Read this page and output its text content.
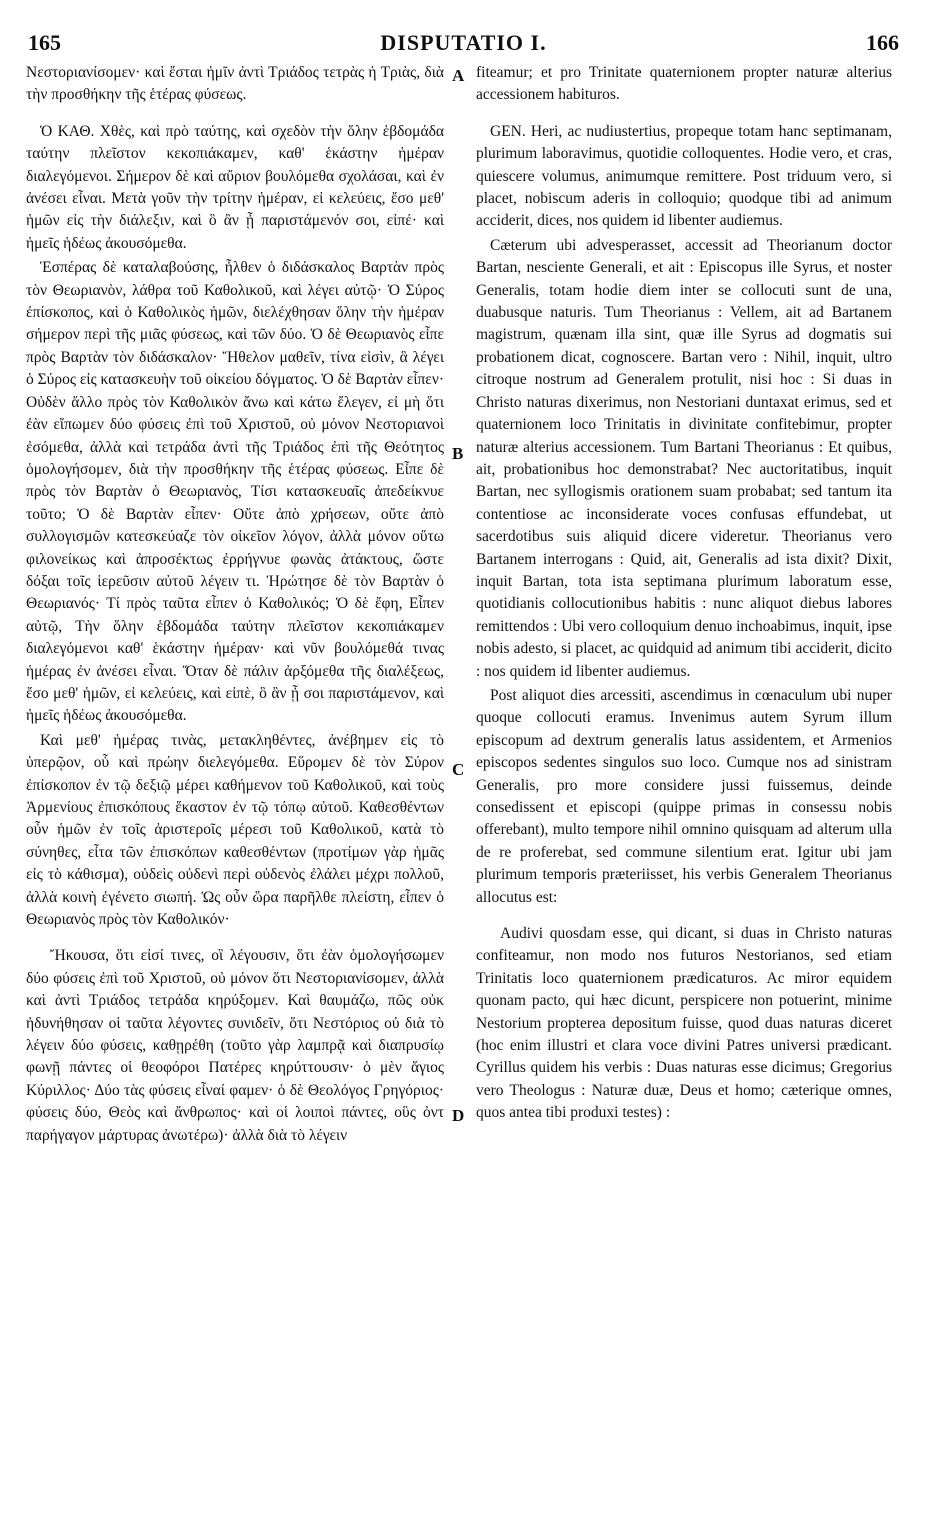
165	DISPUTATIO I.	166

Νεστοριανίσομεν· καὶ ἔσται ἡμῖν ἀντὶ Τριάδος τετρὰς ἡ Τριὰς, διὰ τὴν προσθήκην τῆς ἑτέρας φύσεως.

Ὁ ΚΑΘ. Χθὲς, καὶ πρὸ ταύτης, καὶ σχεδὸν τὴν ὅλην ἑβδομάδα ταύτην πλεῖστον κεκοπιάκαμεν, καθ' ἑκάστην ἡμέραν διαλεγόμενοι. Σήμερον δὲ καὶ αὔριον βουλόμεθα σχολάσαι, καὶ ἐν ἀνέσει εἶναι. Μετὰ γοῦν τὴν τρίτην ἡμέραν, εἰ κελεύεις, ἔσο μεθ' ἡμῶν εἰς τὴν διάλεξιν, καὶ ὃ ἂν ᾖ παριστάμενόν σοι, εἰπέ· καὶ ἡμεῖς ἡδέως ἀκουσόμεθα.

Ἑσπέρας δὲ καταλαβούσης, ἦλθεν ὁ διδάσκαλος Βαρτὰν πρὸς τὸν Θεωριανὸν, λάθρα τοῦ Καθολικοῦ, καὶ λέγει αὐτῷ· Ὁ Σύρος ἐπίσκοπος, καὶ ὁ Καθολικὸς ἡμῶν, διελέχθησαν ὅλην τὴν ἡμέραν σήμερον περὶ τῆς μιᾶς φύσεως, καὶ τῶν δύο. Ὁ δὲ Θεωριανὸς εἶπε πρὸς Βαρτὰν τὸν διδάσκαλον· Ἤθελον μαθεῖν, τίνα εἰσὶν, ἃ λέγει ὁ Σύρος εἰς κατασκευὴν τοῦ οἰκείου δόγματος. Ὁ δὲ Βαρτὰν εἶπεν· Οὐδὲν ἄλλο πρὸς τὸν Καθολικὸν ἄνω καὶ κάτω ἔλεγεν, εἰ μὴ ὅτι ἐὰν εἴπωμεν δύο φύσεις ἐπὶ τοῦ Χριστοῦ, οὐ μόνον Νεστοριανοὶ ἐσόμεθα, ἀλλὰ καὶ τετράδα ἀντὶ τῆς Τριάδος ἐπὶ τῆς Θεότητος ὁμολογήσομεν, διὰ τὴν προσθήκην τῆς ἑτέρας φύσεως. Εἶπε δὲ πρὸς τὸν Βαρτὰν ὁ Θεωριανὸς, Τίσι κατασκευαῖς ἀπεδείκνυε τοῦτο; Ὁ δὲ Βαρτὰν εἶπεν· Οὔτε ἀπὸ χρήσεων, οὔτε ἀπὸ συλλογισμῶν κατεσκεύαζε τὸν οἰκεῖον λόγον, ἀλλὰ μόνον οὕτω φιλονείκως καὶ ἀπροσέκτως ἐρρήγνυε φωνὰς ἀτάκτους, ὥστε δόξαι τοῖς ἱερεῦσιν αὐτοῦ λέγειν τι. Ἠρώτησε δὲ τὸν Βαρτὰν ὁ Θεωριανός· Τί πρὸς ταῦτα εἶπεν ὁ Καθολικός; Ὁ δὲ ἔφη, Εἶπεν αὐτῷ, Τὴν ὅλην ἑβδομάδα ταύτην πλεῖστον κεκοπιάκαμεν διαλεγόμενοι καθ' ἑκάστην ἡμέραν· καὶ νῦν βουλόμεθά τινας ἡμέρας ἐν ἀνέσει εἶναι. Ὅταν δὲ πάλιν ἀρξόμεθα τῆς διαλέξεως, ἔσο μεθ' ἡμῶν, εἰ κελεύεις, καὶ εἰπὲ, ὃ ἂν ᾖ σοι παριστάμενον, καὶ ἡμεῖς ἡδέως ἀκουσόμεθα.

Καὶ μεθ' ἡμέρας τινὰς, μετακληθέντες, ἀνέβημεν εἰς τὸ ὑπερῷον, οὗ καὶ πρώην διελεγόμεθα. Εὕρομεν δὲ τὸν Σύρον ἐπίσκοπον ἐν τῷ δεξιῷ μέρει καθήμενον τοῦ Καθολικοῦ, καὶ τοὺς Ἀρμενίους ἐπισκόπους ἕκαστον ἐν τῷ τόπῳ αὐτοῦ. Καθεσθέντων οὖν ἡμῶν ἐν τοῖς ἀριστεροῖς μέρεσι τοῦ Καθολικοῦ, κατὰ τὸ σύνηθες, εἶτα τῶν ἐπισκόπων καθεσθέντων (προτίμων γὰρ ἡμᾶς εἰς τὸ κάθισμα), οὐδεὶς οὐδενὶ περὶ οὐδενὸς ἐλάλει μέχρι πολλοῦ, ἀλλὰ κοινὴ ἐγένετο σιωπή. Ὡς οὖν ὥρα παρῆλθε πλείστη, εἶπεν ὁ Θεωριανὸς πρὸς τὸν Καθολικόν·

Ἤκουσα, ὅτι εἰσί τινες, οἳ λέγουσιν, ὅτι ἐὰν ὁμολογήσωμεν δύο φύσεις ἐπὶ τοῦ Χριστοῦ, οὐ μόνον ὅτι Νεστοριανίσομεν, ἀλλὰ καὶ ἀντὶ Τριάδος τετράδα κηρύξομεν. Καὶ θαυμάζω, πῶς οὐκ ἠδυνήθησαν οἱ ταῦτα λέγοντες συνιδεῖν, ὅτι Νεστόριος οὐ διὰ τὸ λέγειν δύο φύσεις, καθῃρέθη (τοῦτο γὰρ λαμπρᾷ καὶ διαπρυσίῳ φωνῇ πάντες οἱ θεοφόροι Πατέρες κηρύττουσιν· ὁ μὲν ἅγιος Κύριλλος· Δύο τὰς φύσεις εἶναί φαμεν· ὁ δὲ Θεολόγος Γρηγόριος· φύσεις δύο, Θεὸς καὶ ἄνθρωπος· καὶ οἱ λοιποὶ πάντες, οὓς ὀντ παρήγαγον μάρτυρας ἀνωτέρω)· ἀλλὰ διὰ τὸ λέγειν

A
B
C
D

fiteamur; et pro Trinitate quaternionem propter naturæ alterius accessionem habituros.

GEN. Heri, ac nudiustertius, propeque totam hanc septimanam, plurimum laboravimus, quotidie colloquentes. Hodie vero, et cras, quiescere volumus, animumque remittere. Post triduum vero, si placet, nobiscum aderis in colloquio; quodque tibi ad animum acciderit, dices, nos quidem id libenter audiemus.

Cæterum ubi advesperasset, accessit ad Theorianum doctor Bartan, nesciente Generali, et ait : Episcopus ille Syrus, et noster Generalis, totam hodie diem inter se collocuti sunt de una, duabusque naturis. Tum Theorianus : Vellem, ait ad Bartanem magistrum, quænam illa sint, quæ ille Syrus ad dogmatis sui probationem dicat, cognoscere. Bartan vero : Nihil, inquit, ultro citroque nostrum ad Generalem protulit, nisi hoc : Si duas in Christo naturas dixerimus, non Nestoriani duntaxat erimus, sed et quaternionem loco Trinitatis in divinitate confitebimur, propter naturæ alterius accessionem. Tum Bartani Theorianus : Et quibus, ait, probationibus hoc demonstrabat? Nec auctoritatibus, inquit Bartan, nec syllogismis orationem suam probabat; sed tantum ita contentiose ac inconsiderate voces confusas effundebat, ut sacerdotibus suis aliquid dicere videretur. Theorianus vero Bartanem interrogans : Quid, ait, Generalis ad ista dixit? Dixit, inquit Bartan, tota ista septimana plurimum laboratum esse, quotidianis collocutionibus habitis : nunc aliquot diebus labores remittendos : Ubi vero colloquium denuo inchoabimus, inquit, ipse nobis adesto, si placet, ac quidquid ad animum tibi acciderit, dicito : nos quidem id libenter audiemus.

Post aliquot dies arcessiti, ascendimus in cœnaculum ubi nuper quoque collocuti eramus. Invenimus autem Syrum illum episcopum ad dextrum generalis latus assidentem, et Armenios episcopos sedentes singulos suo loco. Cumque nos ad sinistram Generalis, pro more considere jussi fuissemus, deinde consedissent et episcopi (quippe primas in consessu nobis offerebant), multo tempore nihil omnino quisquam ad alterum ulla de re proferebat, sed commune silentium erat. Igitur ubi jam plurimum temporis præteriisset, his verbis Generalem Theorianus allocutus est:

Audivi quosdam esse, qui dicant, si duas in Christo naturas confiteamur, non modo nos futuros Nestorianos, sed etiam Trinitatis loco quaternionem prædicaturos. Ac miror equidem quonam pacto, qui hæc dicunt, perspicere non potuerint, minime Nestorium propterea depositum fuisse, quod duas naturas diceret (hoc enim illustri et clara voce divini Patres universi prædicant. Cyrillus quidem his verbis : Duas naturas esse dicimus; Gregorius vero Theologus : Naturæ duæ, Deus et homo; cæterique omnes, quos antea tibi produxi testes) :
